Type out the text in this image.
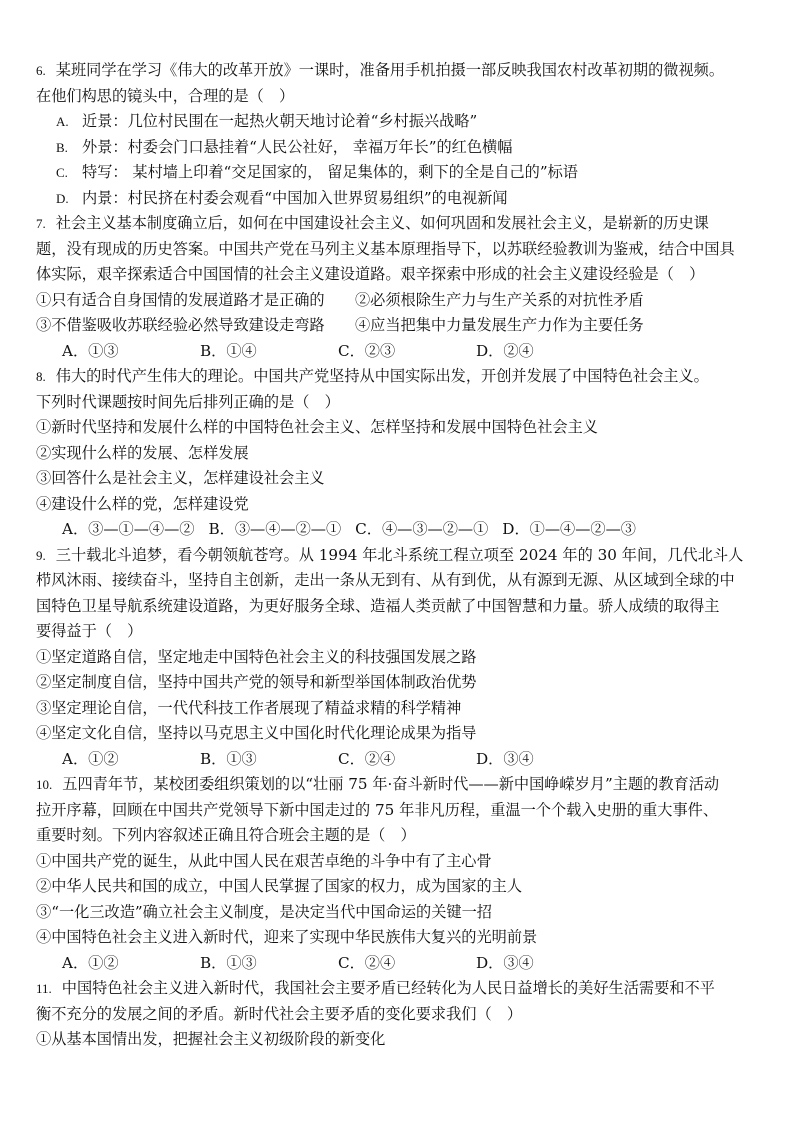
6. 某班同学在学习《伟大的改革开放》一课时，准备用手机拍摄一部反映我国农村改革初期的微视频。
在他们构思的镜头中，合理的是（　）
A. 近景：几位村民围在一起热火朝天地讨论着“乡村振兴战略”
B. 外景：村委会门口悬挂着“人民公社好， 幸福万年长”的红色横幅
C. 特写： 某村墙上印着“交足国家的， 留足集体的，剩下的全是自己的”标语
D. 内景：村民挤在村委会观看“中国加入世界贸易组织”的电视新闻
7. 社会主义基本制度确立后，如何在中国建设社会主义、如何巩固和发展社会主义，是崭新的历史课
题，没有现成的历史答案。中国共产党在马列主义基本原理指导下，以苏联经验教训为鉴戒，结合中国具
体实际，艰辛探索适合中国国情的社会主义建设道路。艰辛探索中形成的社会主义建设经验是（　）
①只有适合自身国情的发展道路才是正确的　　②必须根除生产力与生产关系的对抗性矛盾
③不借鉴吸收苏联经验必然导致建设走弯路　　④应当把集中力量发展生产力作为主要任务
A．①③	B．①④	C．②③	D．②④
8. 伟大的时代产生伟大的理论。中国共产党坚持从中国实际出发，开创并发展了中国特色社会主义。
下列时代课题按时间先后排列正确的是（　）
①新时代坚持和发展什么样的中国特色社会主义、怎样坚持和发展中国特色社会主义
②实现什么样的发展、怎样发展
③回答什么是社会主义，怎样建设社会主义
④建设什么样的党，怎样建设党
A．③—①—④—② B．③—④—②—① C．④—③—②—① D．①—④—②—③
9. 三十载北斗追梦，看今朝领航苍穹。从 1994 年北斗系统工程立项至 2024 年的 30 年间，几代北斗人
栉风沐雨、接续奋斗，坚持自主创新，走出一条从无到有、从有到优，从有源到无源、从区域到全球的中
国特色卫星导航系统建设道路，为更好服务全球、造福人类贡献了中国智慧和力量。骄人成绩的取得主
要得益于（　）
①坚定道路自信，坚定地走中国特色社会主义的科技强国发展之路
②坚定制度自信，坚持中国共产党的领导和新型举国体制政治优势
③坚定理论自信，一代代科技工作者展现了精益求精的科学精神
④坚定文化自信，坚持以马克思主义中国化时代化理论成果为指导
A．①②	B．①③	C．②④	D．③④
10. 五四青年节，某校团委组织策划的以“壮丽 75 年·奋斗新时代——新中国峥嵘岁月”主题的教育活动
拉开序幕，回顾在中国共产党领导下新中国走过的 75 年非凡历程，重温一个个载入史册的重大事件、
重要时刻。下列内容叙述正确且符合班会主题的是（　）
①中国共产党的诞生，从此中国人民在艰苦卓绝的斗争中有了主心骨
②中华人民共和国的成立，中国人民掌握了国家的权力，成为国家的主人
③“一化三改造”确立社会主义制度，是决定当代中国命运的关键一招
④中国特色社会主义进入新时代，迎来了实现中华民族伟大复兴的光明前景
A．①②	B．①③	C．②④	D．③④
11. 中国特色社会主义进入新时代，我国社会主要矛盾已经转化为人民日益增长的美好生活需要和不平
衡不充分的发展之间的矛盾。新时代社会主要矛盾的变化要求我们（　）
①从基本国情出发，把握社会主义初级阶段的新变化
